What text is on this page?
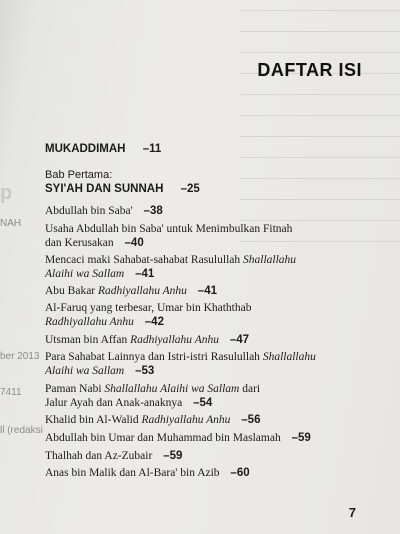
p
NAH
ber 2013
7411
ll (redaksi
DAFTAR ISI
MUKADDIMAH –11
Bab Pertama:
SYI'AH DAN SUNNAH –25
Abdullah bin Saba' –38
Usaha Abdullah bin Saba' untuk Menimbulkan Fitnah
dan Kerusakan –40
Mencaci maki Sahabat-sahabat Rasulullah Shallallahu
Alaihi wa Sallam –41
Abu Bakar Radhiyallahu Anhu –41
Al-Faruq yang terbesar, Umar bin Khaththab
Radhiyallahu Anhu –42
Utsman bin Affan Radhiyallahu Anhu –47
Para Sahabat Lainnya dan Istri-istri Rasulullah Shallallahu
Alaihi wa Sallam –53
Paman Nabi Shallallahu Alaihi wa Sallam dari
Jalur Ayah dan Anak-anaknya –54
Khalid bin Al-Walid Radhiyallahu Anhu –56
Abdullah bin Umar dan Muhammad bin Maslamah –59
Thalhah dan Az-Zubair –59
Anas bin Malik dan Al-Bara' bin Azib –60
7
